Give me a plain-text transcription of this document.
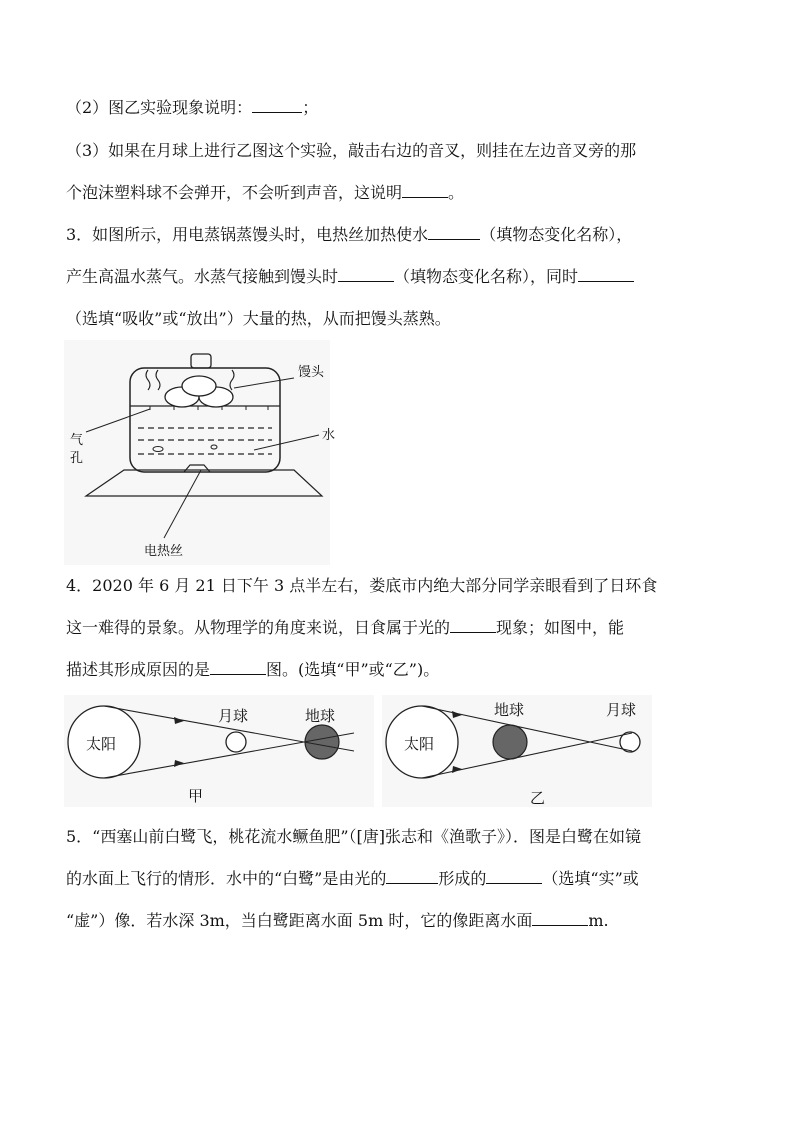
（2）图乙实验现象说明：	；
（3）如果在月球上进行乙图这个实验，敲击右边的音叉，则挂在左边音叉旁的那
个泡沫塑料球不会弹开，不会听到声音，这说明	。
3．如图所示，用电蒸锅蒸馒头时，电热丝加热使水	（填物态变化名称），
产生高温水蒸气。水蒸气接触到馒头时	（填物态变化名称），同时
（选填“吸收”或“放出”）大量的热，从而把馒头蒸熟。
馒头
水
气
孔
电热丝
4．2020 年 6 月 21 日下午 3 点半左右，娄底市内绝大部分同学亲眼看到了日环食
这一难得的景象。从物理学的角度来说，日食属于光的	现象；如图中，能
描述其形成原因的是	图。(选填“甲”或“乙”)。
太阳
月球	地球
甲
太阳
地球	月球
乙
5．“西塞山前白鹭飞，桃花流水鳜鱼肥”（[唐]张志和《渔歌子》）．图是白鹭在如镜
的水面上飞行的情形．水中的“白鹭”是由光的	形成的	（选填“实”或
“虚”）像．若水深 3m，当白鹭距离水面 5m 时，它的像距离水面	m.
